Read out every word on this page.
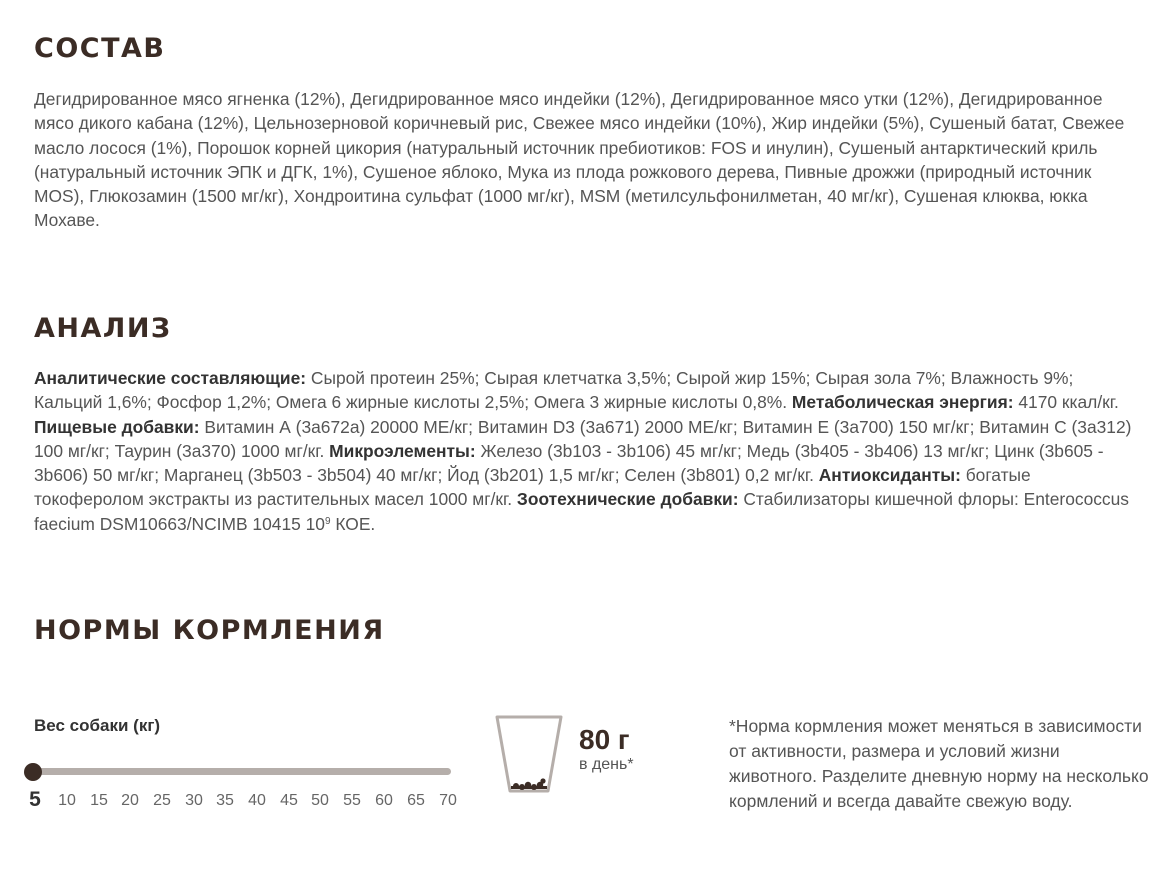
СОСТАВ

Дегидрированное мясо ягненка (12%), Дегидрированное мясо индейки (12%), Дегидрированное мясо утки (12%), Дегидрированное мясо дикого кабана (12%), Цельнозерновой коричневый рис, Свежее мясо индейки (10%), Жир индейки (5%), Сушеный батат, Свежее масло лосося (1%), Порошок корней цикория (натуральный источник пребиотиков: FOS и инулин), Сушеный антарктический криль (натуральный источник ЭПК и ДГК, 1%), Сушеное яблоко, Мука из плода рожкового дерева, Пивные дрожжи (природный источник MOS), Глюкозамин (1500 мг/кг), Хондроитина сульфат (1000 мг/кг), MSM (метилсульфонилметан, 40 мг/кг), Сушеная клюква, юкка Мохаве.

АНАЛИЗ

Аналитические составляющие: Сырой протеин 25%; Сырая клетчатка 3,5%; Сырой жир 15%; Сырая зола 7%; Влажность 9%; Кальций 1,6%; Фосфор 1,2%; Омега 6 жирные кислоты 2,5%; Омега 3 жирные кислоты 0,8%. Метаболическая энергия: 4170 ккал/кг. Пищевые добавки: Витамин А (3a672a) 20000 МЕ/кг; Витамин D3 (3a671) 2000 МЕ/кг; Витамин Е (3a700) 150 мг/кг; Витамин С (3a312) 100 мг/кг; Таурин (3a370) 1000 мг/кг. Микроэлементы: Железо (3b103 - 3b106) 45 мг/кг; Медь (3b405 - 3b406) 13 мг/кг; Цинк (3b605 - 3b606) 50 мг/кг; Марганец (3b503 - 3b504) 40 мг/кг; Йод (3b201) 1,5 мг/кг; Селен (3b801) 0,2 мг/кг. Антиоксиданты: богатые токоферолом экстракты из растительных масел 1000 мг/кг. Зоотехнические добавки: Стабилизаторы кишечной флоры: Enterococcus faecium DSM10663/NCIMB 10415 $10^9$ КОЕ.

НОРМЫ КОРМЛЕНИЯ

Вес собаки (кг)

5 10 15 20 25 30 35 40 45 50 55 60 65 70

80 г

в день*

*Норма кормления может меняться в зависимости от активности, размера и условий жизни животного. Разделите дневную норму на несколько кормлений и всегда давайте свежую воду.
